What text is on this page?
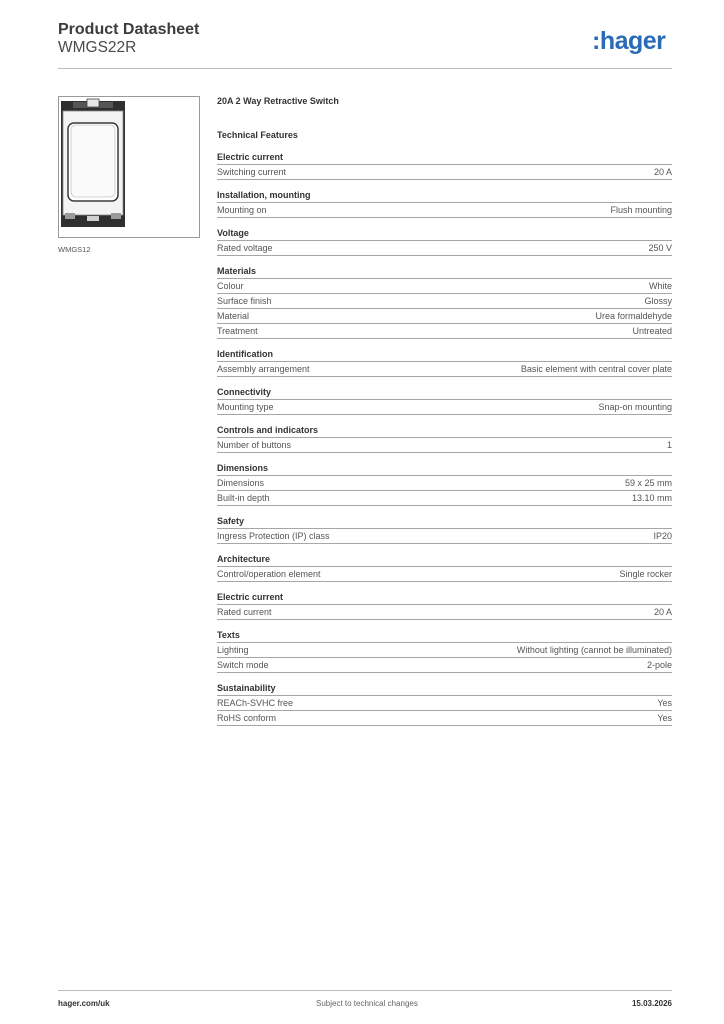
Product Datasheet
WMGS22R	:hager
WMGS12
20A 2 Way Retractive Switch
Technical Features
Electric current
Switching current	20 A
Installation, mounting
Mounting on	Flush mounting
Voltage
Rated voltage	250 V
Materials
Colour	White
Surface finish	Glossy
Material	Urea formaldehyde
Treatment	Untreated
Identification
Assembly arrangement	Basic element with central cover plate
Connectivity
Mounting type	Snap-on mounting
Controls and indicators
Number of buttons	1
Dimensions
Dimensions	59 x 25 mm
Built-in depth	13.10 mm
Safety
Ingress Protection (IP) class	IP20
Architecture
Control/operation element	Single rocker
Electric current
Rated current	20 A
Texts
Lighting	Without lighting (cannot be illuminated)
Switch mode	2-pole
Sustainability
REACh-SVHC free	Yes
RoHS conform	Yes
hager.com/uk	Subject to technical changes	15.03.2026
